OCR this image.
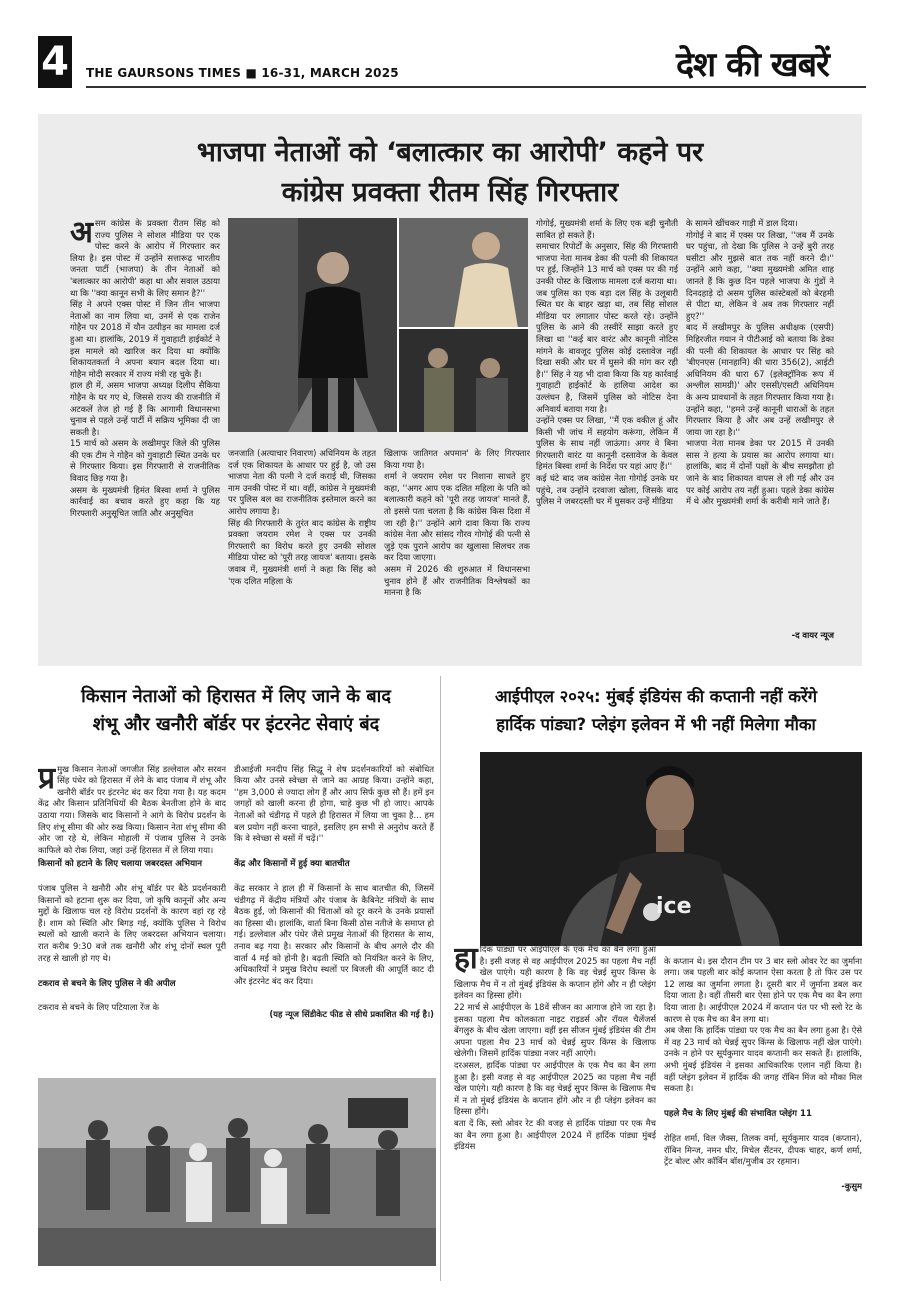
4 THE GAURSONS TIMES ■ 16-31, MARCH 2025	देश की खबरें
भाजपा नेताओं को ‘बलात्कार का आरोपी’ कहने पर
कांग्रेस प्रवक्ता रीतम सिंह गिरफ्तार
असम कांग्रेस के प्रवक्ता रीतम सिंह को राज्य पुलिस ने सोशल मीडिया पर एक पोस्ट करने के आरोप में गिरफ्तार कर लिया है। इस पोस्ट में उन्होंने सत्तारूढ़ भारतीय जनता पार्टी (भाजपा) के तीन नेताओं को 'बलात्कार का आरोपी' कहा था और सवाल उठाया था कि ''क्या कानून सभी के लिए समान है?''
सिंह ने अपने एक्स पोस्ट में जिन तीन भाजपा नेताओं का नाम लिया था, उनमें से एक राजेन गोहैन पर 2018 में यौन उत्पीड़न का मामला दर्ज हुआ था। हालांकि, 2019 में गुवाहाटी हाईकोर्ट ने इस मामले को खारिज कर दिया था क्योंकि शिकायतकर्ता ने अपना बयान बदल दिया था। गोहैन मोदी सरकार में राज्य मंत्री रह चुके हैं।
हाल ही में, असम भाजपा अध्यक्ष दिलीप सैकिया गोहैन के घर गए थे, जिससे राज्य की राजनीति में अटकलें तेज हो गई हैं कि आगामी विधानसभा चुनाव से पहले उन्हें पार्टी में सक्रिय भूमिका दी जा सकती है।
15 मार्च को असम के लखीमपुर जिले की पुलिस की एक टीम ने गोहैन को गुवाहाटी स्थित उनके घर से गिरफ्तार किया। इस गिरफ्तारी से राजनीतिक विवाद छिड़ गया है।
असम के मुख्यमंत्री हिमंत बिस्वा शर्मा ने पुलिस कार्रवाई का बचाव करते हुए कहा कि यह गिरफ्तारी अनुसूचित जाति और अनुसूचित
जनजाति (अत्याचार निवारण) अधिनियम के तहत दर्ज एक शिकायत के आधार पर हुई है, जो उस भाजपा नेता की पत्नी ने दर्ज कराई थी, जिसका नाम उनकी पोस्ट में था। वहीं, कांग्रेस ने मुख्यमंत्री पर पुलिस बल का राजनीतिक इस्तेमाल करने का आरोप लगाया है।
सिंह की गिरफ्तारी के तुरंत बाद कांग्रेस के राष्ट्रीय प्रवक्ता जयराम रमेश ने एक्स पर उनकी गिरफ्तारी का विरोध करते हुए उनकी सोशल मीडिया पोस्ट को 'पूरी तरह जायज' बताया। इसके जवाब में, मुख्यमंत्री शर्मा ने कहा कि सिंह को 'एक दलित महिला के
खिलाफ जातिगत अपमान' के लिए गिरफ्तार किया गया है।
शर्मा ने जयराम रमेश पर निशाना साधते हुए कहा, ''अगर आप एक दलित महिला के पति को बलात्कारी कहने को 'पूरी तरह जायज' मानते हैं, तो इससे पता चलता है कि कांग्रेस किस दिशा में जा रही है।'' उन्होंने आगे दावा किया कि राज्य कांग्रेस नेता और सांसद गौरव गोगोई की पत्नी से जुड़े एक पुराने आरोप का खुलासा सिलचर तक कर दिया जाएगा।
असम में 2026 की शुरुआत में विधानसभा चुनाव होने हैं और राजनीतिक विश्लेषकों का मानना है कि
गोगोई, मुख्यमंत्री शर्मा के लिए एक बड़ी चुनौती साबित हो सकते हैं।
समाचार रिपोर्टों के अनुसार, सिंह की गिरफ्तारी भाजपा नेता मानब डेका की पत्नी की शिकायत पर हुई, जिन्होंने 13 मार्च को एक्स पर की गई उनकी पोस्ट के खिलाफ मामला दर्ज कराया था।
जब पुलिस का एक बड़ा दल सिंह के उलूबारी स्थित घर के बाहर खड़ा था, तब सिंह सोशल मीडिया पर लगातार पोस्ट करते रहे। उन्होंने पुलिस के आने की तस्वीरें साझा करते हुए लिखा था ''कई बार वारंट और कानूनी नोटिस मांगने के बावजूद पुलिस कोई दस्तावेज नहीं दिखा सकी और घर में घुसने की मांग कर रही है।'' सिंह ने यह भी दावा किया कि यह कार्रवाई गुवाहाटी हाईकोर्ट के हालिया आदेश का उल्लंघन है, जिसमें पुलिस को नोटिस देना अनिवार्य बताया गया है।
उन्होंने एक्स पर लिखा, ''मैं एक वकील हूं और किसी भी जांच में सहयोग करूंगा, लेकिन मैं पुलिस के साथ नहीं जाऊंगा। अगर वे बिना गिरफ्तारी वारंट या कानूनी दस्तावेज के केवल हिमंत बिस्वा शर्मा के निर्देश पर यहां आए हैं।''
कई घंटे बाद जब कांग्रेस नेता गोगोई उनके घर पहुंचे, तब उन्होंने दरवाजा खोला, जिसके बाद पुलिस ने जबरदस्ती घर में घुसकर उन्हें मीडिया
के सामने खींचकर गाड़ी में डाल दिया।
गोगोई ने बाद में एक्स पर लिखा, ''जब मैं उनके घर पहुंचा, तो देखा कि पुलिस ने उन्हें बुरी तरह घसीटा और मुझसे बात तक नहीं करने दी।'' उन्होंने आगे कहा, ''क्या मुख्यमंत्री अमित शाह जानते हैं कि कुछ दिन पहले भाजपा के गुंडों ने दिनदहाड़े दो असम पुलिस कांस्टेबलों को बेरहमी से पीटा था, लेकिन वे अब तक गिरफ्तार नहीं हुए?''
बाद में लखीमपुर के पुलिस अधीक्षक (एसपी) मिहिरजीत गयान ने पीटीआई को बताया कि डेका की पत्नी की शिकायत के आधार पर सिंह को 'बीएनएस (मानहानि) की धारा 356(2), आईटी अधिनियम की धारा 67 (इलेक्ट्रॉनिक रूप में अश्लील सामग्री)' और एससी/एसटी अधिनियम के अन्य प्रावधानों के तहत गिरफ्तार किया गया है। उन्होंने कहा, ''हमने उन्हें कानूनी धाराओं के तहत गिरफ्तार किया है और अब उन्हें लखीमपुर ले जाया जा रहा है।''
भाजपा नेता मानब डेका पर 2015 में उनकी सास ने हत्या के प्रयास का आरोप लगाया था। हालांकि, बाद में दोनों पक्षों के बीच समझौता हो जाने के बाद शिकायत वापस ले ली गई और उन पर कोई आरोप तय नहीं हुआ। पहले डेका कांग्रेस में थे और मुख्यमंत्री शर्मा के करीबी माने जाते हैं।
-द वायर न्यूज
किसान नेताओं को हिरासत में लिए जाने के बाद
शंभू और खनौरी बॉर्डर पर इंटरनेट सेवाएं बंद

प्र मुख किसान नेताओं जगजीत सिंह डल्लेवाल और सरवन सिंह पंधेर को हिरासत में लेने के बाद पंजाब में शंभू और खनौरी बॉर्डर पर इंटरनेट बंद कर दिया गया है। यह कदम केंद्र और किसान प्रतिनिधियों की बैठक बेनतीजा होने के बाद उठाया गया। जिसके बाद किसानों ने आगे के विरोध प्रदर्शन के लिए शंभू सीमा की ओर रुख किया। किसान नेता शंभू सीमा की ओर जा रहे थे, लेकिन मोहाली में पंजाब पुलिस ने उनके काफिले को रोक लिया, जहां उन्हें हिरासत में ले लिया गया।

किसानों को हटाने के लिए चलाया जबरदस्त अभियान

पंजाब पुलिस ने खनौरी और शंभू बॉर्डर पर बैठे प्रदर्शनकारी किसानों को हटाना शुरू कर दिया, जो कृषि कानूनों और अन्य मुद्दों के खिलाफ चल रहे विरोध प्रदर्शनों के कारण वहां रह रहे हैं। शाम को स्थिति और बिगड़ गई, क्योंकि पुलिस ने विरोध स्थलों को खाली कराने के लिए जबरदस्त अभियान चलाया। रात करीब 9:30 बजे तक खनौरी और शंभू दोनों स्थल पूरी तरह से खाली हो गए थे।

टकराव से बचने के लिए पुलिस ने की अपील

टकराव से बचने के लिए पटियाला रेंज के

डीआईजी मनदीप सिंह सिद्धू ने शेष प्रदर्शनकारियों को संबोधित किया और उनसे स्वेच्छा से जाने का आग्रह किया। उन्होंने कहा, ''हम 3,000 से ज्यादा लोग हैं और आप सिर्फ कुछ सौ हैं। हमें इन जगहों को खाली करना ही होगा, चाहे कुछ भी हो जाए। आपके नेताओं को चंडीगढ़ में पहले ही हिरासत में लिया जा चुका है... हम बल प्रयोग नहीं करना चाहते, इसलिए हम सभी से अनुरोध करते हैं कि वे स्वेच्छा से बसों में चढ़ें।''

केंद्र और किसानों में हुई क्या बातचीत

केंद्र सरकार ने हाल ही में किसानों के साथ बातचीत की, जिसमें चंडीगढ़ में केंद्रीय मंत्रियों और पंजाब के कैबिनेट मंत्रियों के साथ बैठक हुई, जो किसानों की चिंताओं को दूर करने के उनके प्रयासों का हिस्सा थी। हालांकि, वार्ता बिना किसी ठोस नतीजे के समाप्त हो गई। डल्लेवाल और पंधेर जैसे प्रमुख नेताओं की हिरासत के साथ, तनाव बढ़ गया है। सरकार और किसानों के बीच अगले दौर की वार्ता 4 मई को होनी है। बढ़ती स्थिति को नियंत्रित करने के लिए, अधिकारियों ने प्रमुख विरोध स्थलों पर बिजली की आपूर्ति काट दी और इंटरनेट बंद कर दिया।

(यह न्यूज सिंडीकेट फीड से सीधे प्रकाशित की गई है।)

आईपीएल २०२५: मुंबई इंडियंस की कप्तानी नहीं करेंगे
हार्दिक पांड्या? प्लेइंग इलेवन में भी नहीं मिलेगा मौका
ice
हार्दिक पांड्या पर आईपीएल के एक मैच का बैन लगा हुआ है। इसी वजह से वह आईपीएल 2025 का पहला मैच नहीं खेल पाएंगे। यही कारण है कि वह चेन्नई सुपर किंग्स के खिलाफ मैच में न तो मुंबई इंडियंस के कप्तान होंगे और न ही प्लेइंग इलेवन का हिस्सा होंगे।
22 मार्च से आईपीएल के 18वें सीजन का आगाज होने जा रहा है। इसका पहला मैच कोलकाता नाइट राइडर्स और रॉयल चैलेंजर्स बेंगलुरु के बीच खेला जाएगा। वहीं इस सीजन मुंबई इंडियंस की टीम अपना पहला मैच 23 मार्च को चेन्नई सुपर किंग्स के खिलाफ खेलेगी। जिसमें हार्दिक पांड्या नजर नहीं आएंगे।
दरअसल, हार्दिक पांड्या पर आईपीएल के एक मैच का बैन लगा हुआ है। इसी वजह से वह आईपीएल 2025 का पहला मैच नहीं खेल पाएंगे। यही कारण है कि वह चेन्नई सुपर किंग्स के खिलाफ मैच में न तो मुंबई इंडियंस के कप्तान होंगे और न ही प्लेइंग इलेवन का हिस्सा होंगे।
बता दें कि, स्लो ओवर रेट की वजह से हार्दिक पांड्या पर एक मैच का बैन लगा हुआ है। आईपीएल 2024 में हार्दिक पांड्या मुंबई इंडियंस

के कप्तान थे। इस दौरान टीम पर 3 बार स्लो ओवर रेट का जुर्माना लगा। जब पहली बार कोई कप्तान ऐसा करता है तो फिर उस पर 12 लाख का जुर्माना लगता है। दूसरी बार में जुर्माना डबल कर दिया जाता है। वहीं तीसरी बार ऐसा होने पर एक मैच का बैन लगा दिया जाता है। आईपीएल 2024 में कप्तान पंत पर भी स्लो रेट के कारण से एक मैच का बैन लगा था।
अब जैसा कि हार्दिक पांड्या पर एक मैच का बैन लगा हुआ है। ऐसे में वह 23 मार्च को चेन्नई सुपर किंग्स के खिलाफ नहीं खेल पाएंगे। उनके न होने पर सूर्यकुमार यादव कप्तानी कर सकते हैं। हालांकि, अभी मुंबई इंडियंस ने इसका आधिकारिक एलान नहीं किया है। वहीं प्लेइंग इलेवन में हार्दिक की जगह रॉबिन मिंज को मौका मिल सकता है।

पहले मैच के लिए मुंबई की संभावित प्लेइंग 11

रोहित शर्मा, विल जैक्स, तिलक वर्मा, सूर्यकुमार यादव (कप्तान), रॉबिन मिन्ज, नमन धीर, मिचेल सैंटनर, दीपक चाहर, कर्ण शर्मा, ट्रेंट बोल्ट और कॉर्बिन बॉश/मुजीब उर रहमान।

-कुसुम
